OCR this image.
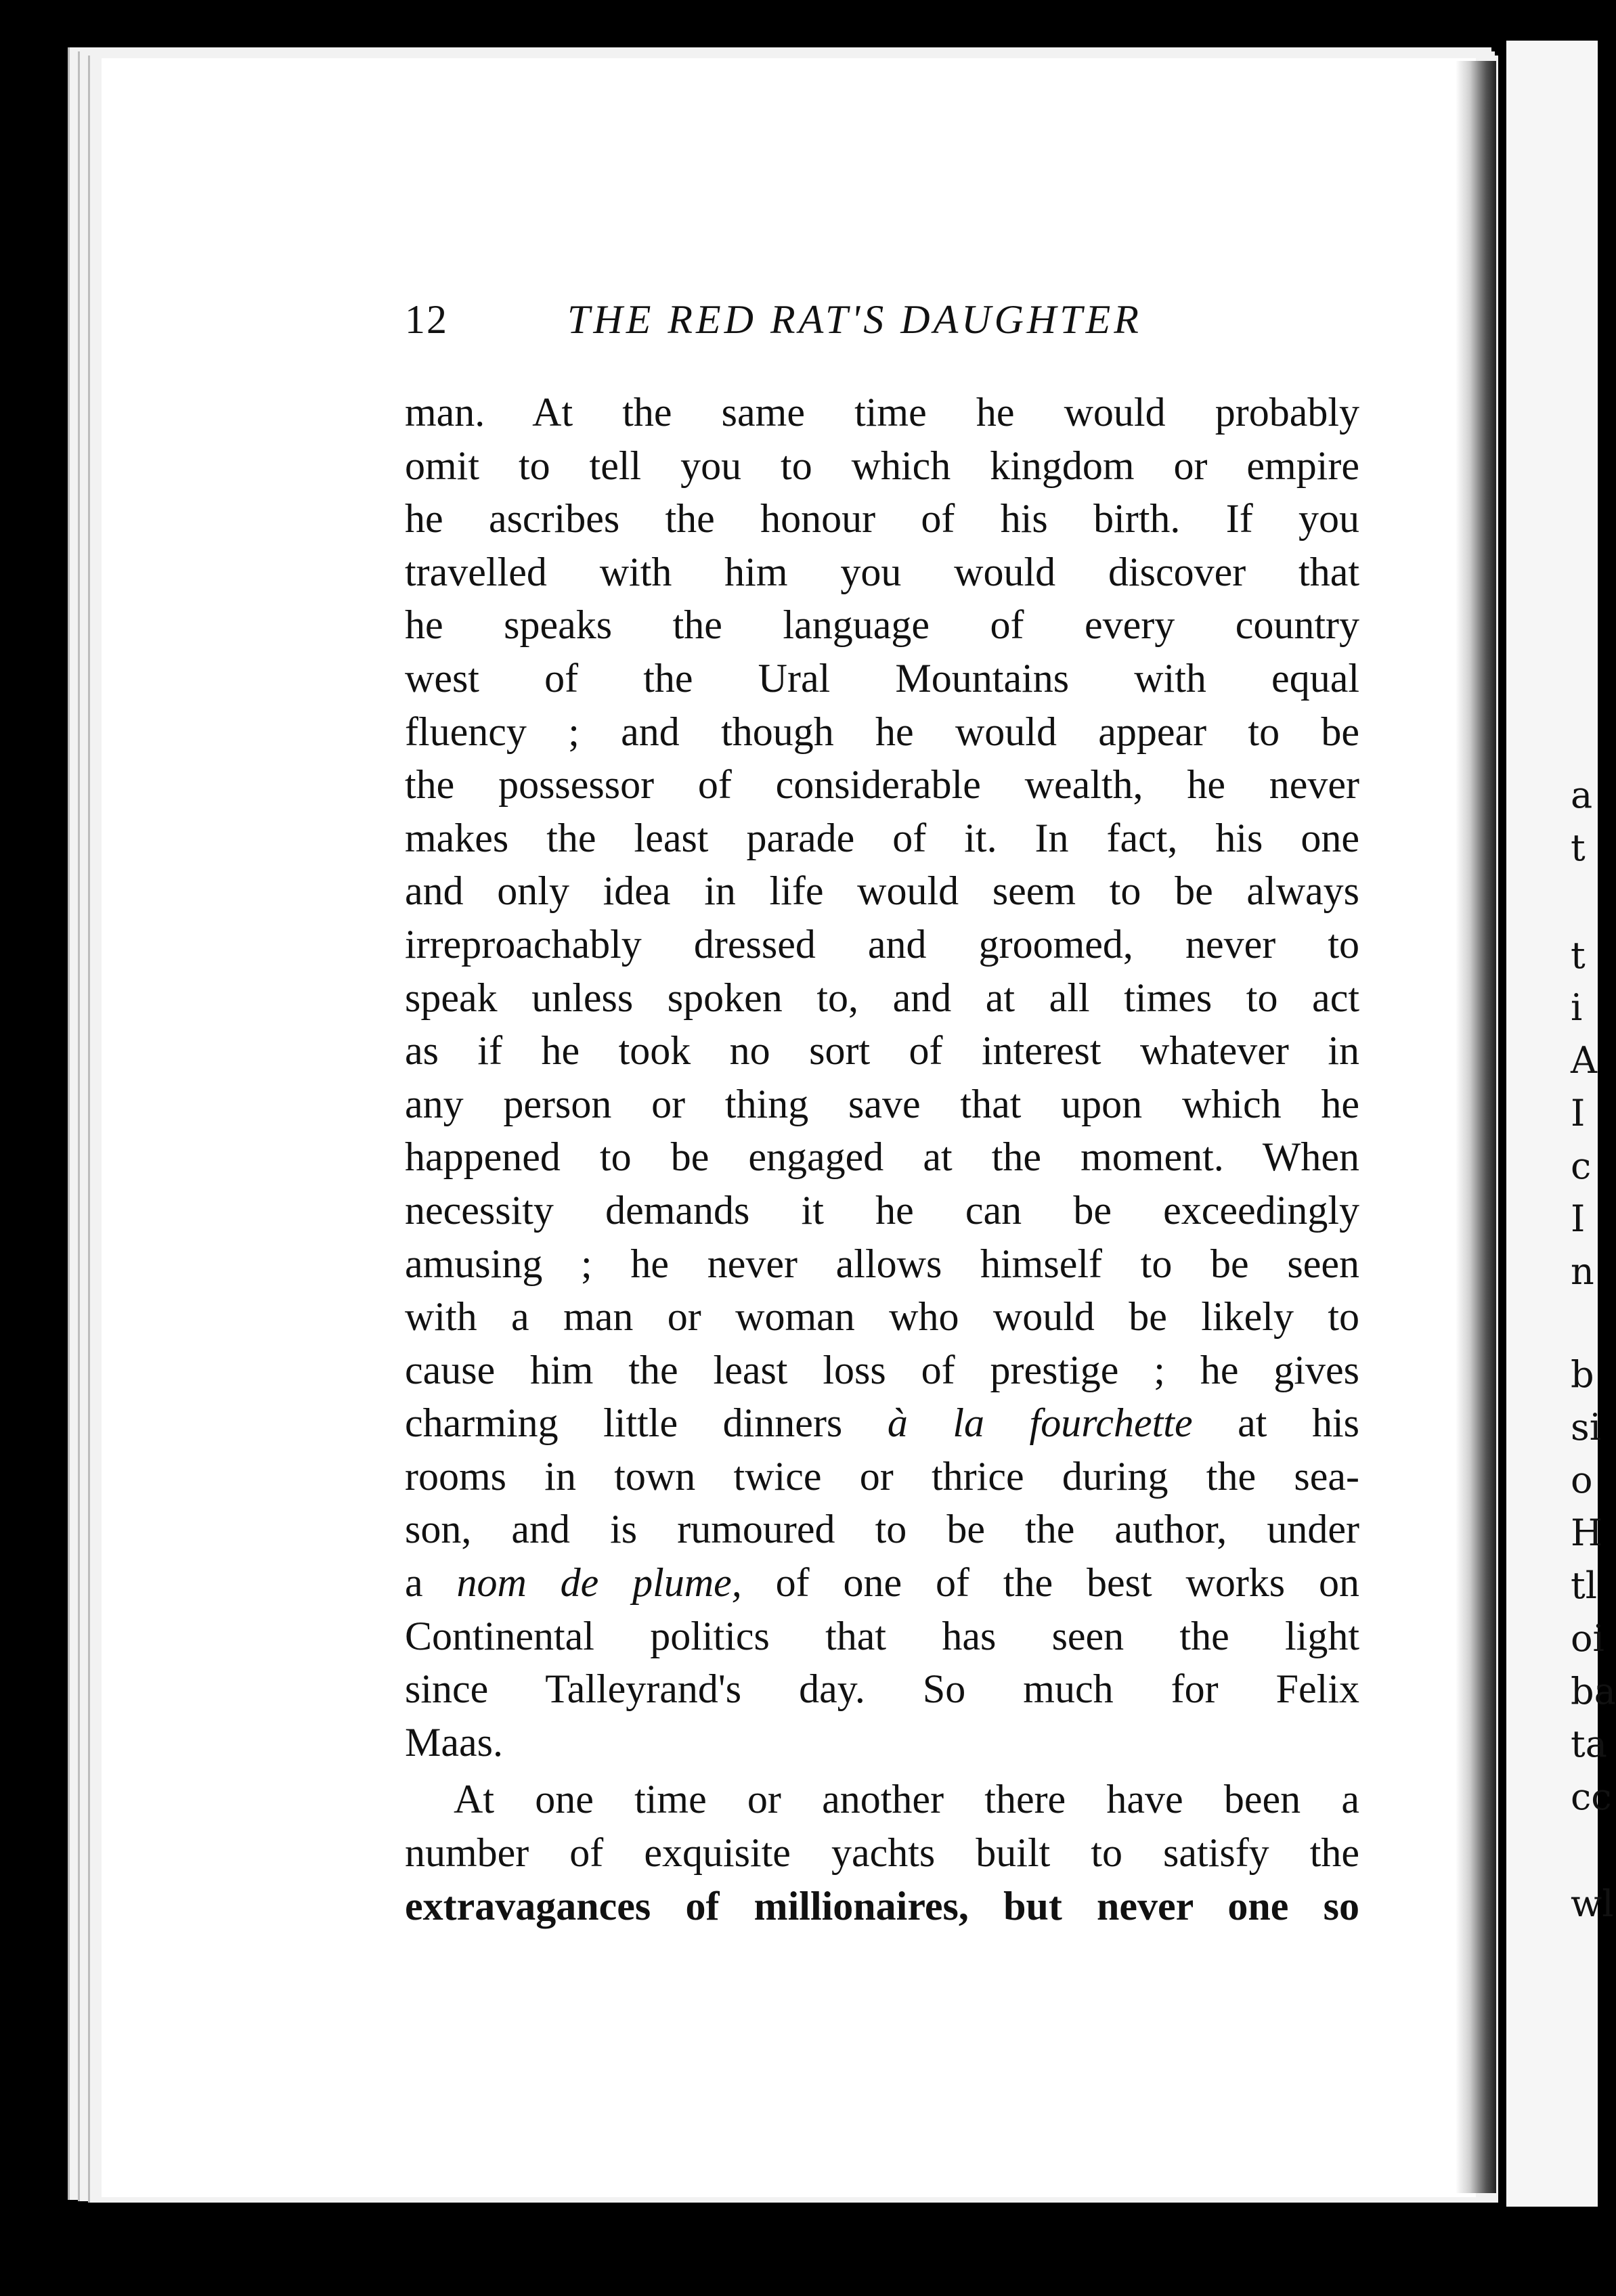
a
t
t
i
A
I
c
I
n
b
si
o
H
tl
oi
ba
ta
cc
wl
12	THE RED RAT'S DAUGHTER
man. At the same time he would probably
omit to tell you to which kingdom or empire
he ascribes the honour of his birth. If you
travelled with him you would discover that
he speaks the language of every country
west of the Ural Mountains with equal
fluency ; and though he would appear to be
the possessor of considerable wealth, he never
makes the least parade of it. In fact, his one
and only idea in life would seem to be always
irreproachably dressed and groomed, never to
speak unless spoken to, and at all times to act
as if he took no sort of interest whatever in
any person or thing save that upon which he
happened to be engaged at the moment. When
necessity demands it he can be exceedingly
amusing ; he never allows himself to be seen
with a man or woman who would be likely to
cause him the least loss of prestige ; he gives
charming little dinners à la fourchette at his
rooms in town twice or thrice during the sea-
son, and is rumoured to be the author, under
a nom de plume, of one of the best works on
Continental politics that has seen the light
since Talleyrand's day. So much for Felix
Maas.
At one time or another there have been a
number of exquisite yachts built to satisfy the
extravagances of millionaires, but never one so
